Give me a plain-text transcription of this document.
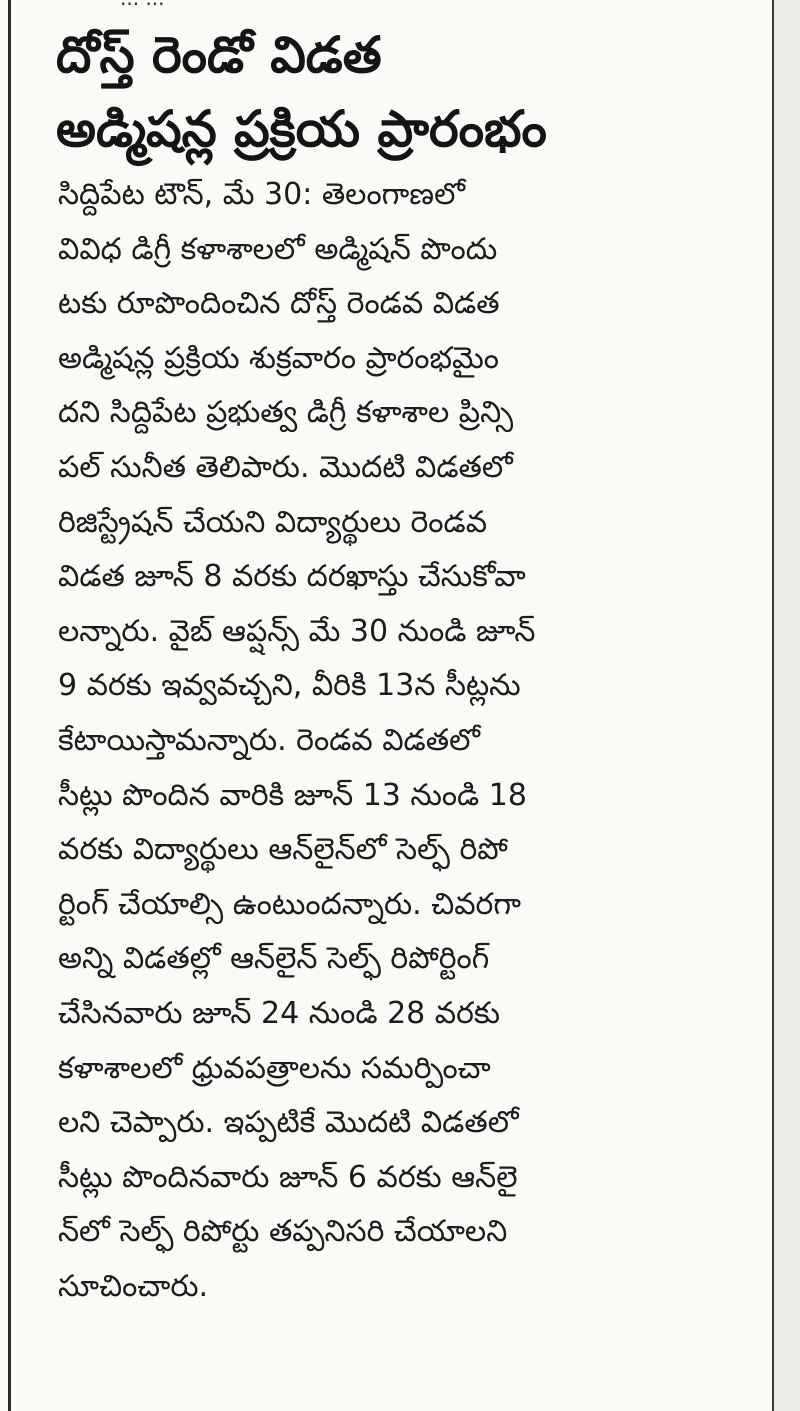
దోస్త్ రెండో విడత
అడ్మిషన్ల ప్రక్రియ ప్రారంభం
సిద్దిపేట టౌన్, మే 30: తెలంగాణలో
వివిధ డిగ్రీ కళాశాలలో అడ్మిషన్ పొందు
టకు రూపొందించిన దోస్త్ రెండవ విడత
అడ్మిషన్ల ప్రక్రియ శుక్రవారం ప్రారంభమైం
దని సిద్దిపేట ప్రభుత్వ డిగ్రీ కళాశాల ప్రిన్సి
పల్ సునీత తెలిపారు. మొదటి విడతలో
రిజిస్ట్రేషన్ చేయని విద్యార్థులు రెండవ
విడత జూన్ 8 వరకు దరఖాస్తు చేసుకోవా
లన్నారు. వైబ్ ఆప్షన్స్ మే 30 నుండి జూన్
9 వరకు ఇవ్వవచ్చని, వీరికి 13న సీట్లను
కేటాయిస్తామన్నారు. రెండవ విడతలో
సీట్లు పొందిన వారికి జూన్ 13 నుండి 18
వరకు విద్యార్థులు ఆన్‌లైన్‌లో సెల్ఫ్ రిపో
ర్టింగ్ చేయాల్సి ఉంటుందన్నారు. చివరగా
అన్ని విడతల్లో ఆన్‌లైన్ సెల్ఫ్ రిపోర్టింగ్
చేసినవారు జూన్ 24 నుండి 28 వరకు
కళాశాలలో ధ్రువపత్రాలను సమర్పించా
లని చెప్పారు. ఇప్పటికే మొదటి విడతలో
సీట్లు పొందినవారు జూన్ 6 వరకు ఆన్‌లై
న్‌లో సెల్ఫ్ రిపోర్టు తప్పనిసరి చేయాలని
సూచించారు.
